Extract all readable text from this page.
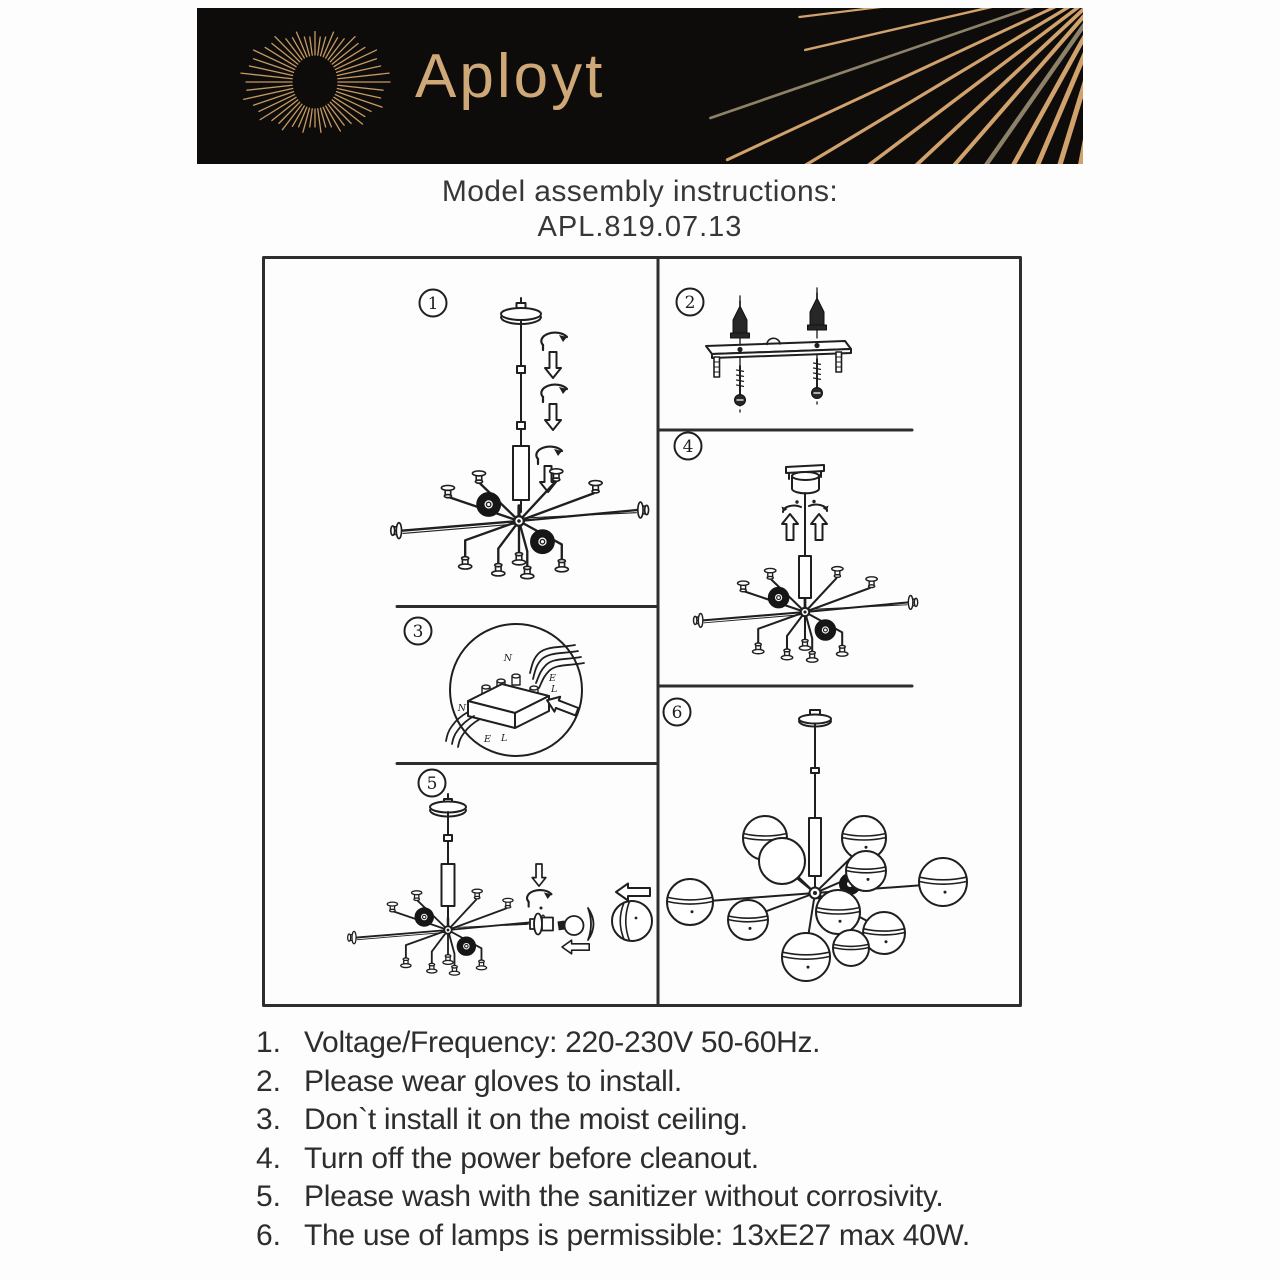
Aployt
Model assembly instructions:
APL.819.07.13
1	2
3
N
E
L
N
E L
4
5
6
1. Voltage/Frequency: 220-230V 50-60Hz.
2. Please wear gloves to install.
3. Don`t install it on the moist ceiling.
4. Turn off the power before cleanout.
5. Please wash with the sanitizer without corrosivity.
6. The use of lamps is permissible: 13xE27 max 40W.
